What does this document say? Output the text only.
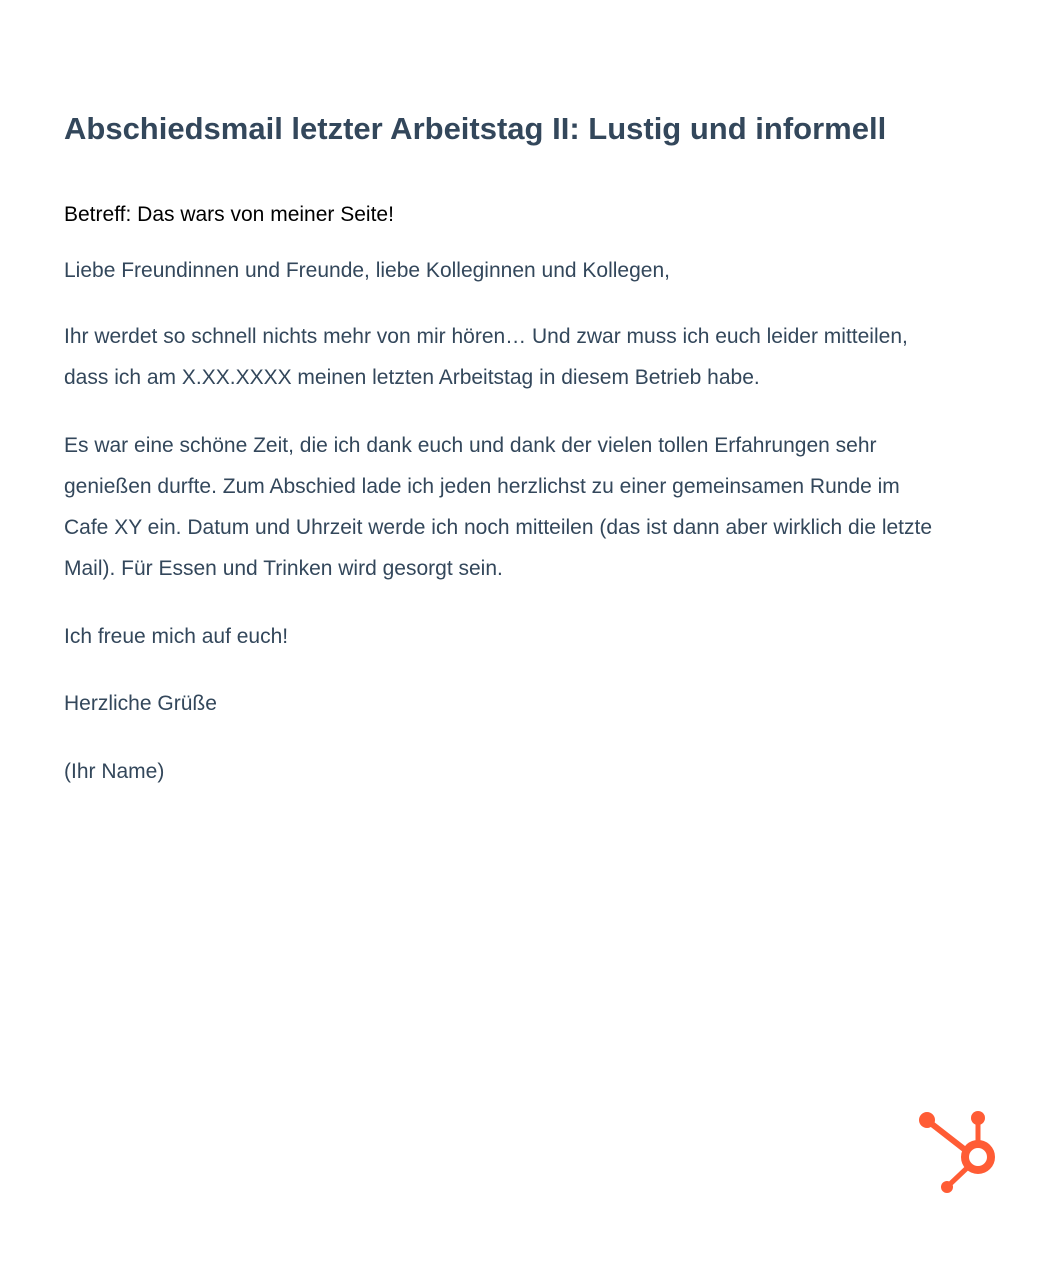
Abschiedsmail letzter Arbeitstag II: Lustig und informell

Betreff: Das wars von meiner Seite!

Liebe Freundinnen und Freunde, liebe Kolleginnen und Kollegen,

Ihr werdet so schnell nichts mehr von mir hören… Und zwar muss ich euch leider mitteilen, dass ich am X.XX.XXXX meinen letzten Arbeitstag in diesem Betrieb habe.

Es war eine schöne Zeit, die ich dank euch und dank der vielen tollen Erfahrungen sehr genießen durfte. Zum Abschied lade ich jeden herzlichst zu einer gemeinsamen Runde im Cafe XY ein. Datum und Uhrzeit werde ich noch mitteilen (das ist dann aber wirklich die letzte Mail). Für Essen und Trinken wird gesorgt sein.

Ich freue mich auf euch!

Herzliche Grüße

(Ihr Name)
